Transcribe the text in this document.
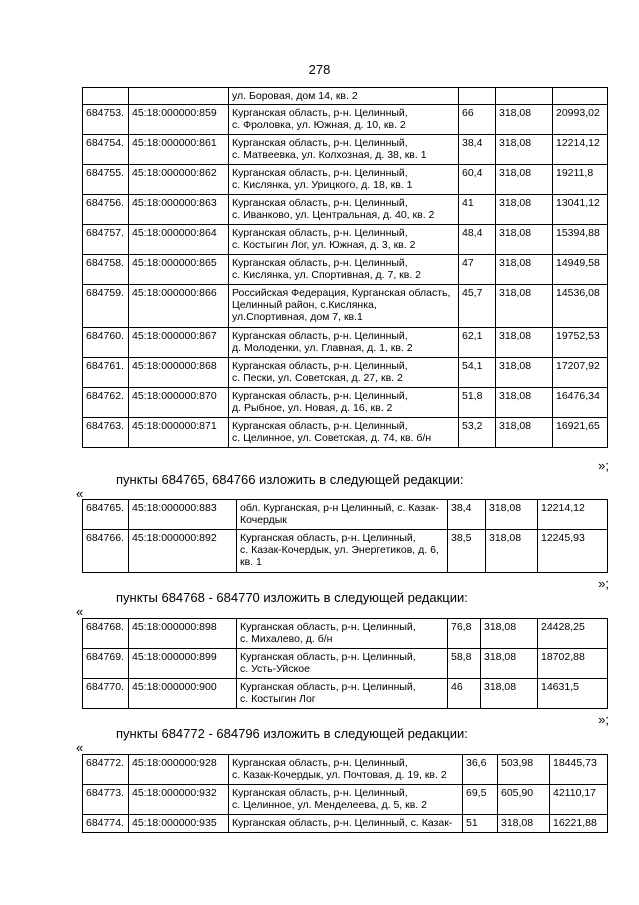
278
		ул. Боровая, дом 14, кв. 2			
684753.	45:18:000000:859	Курганская область, р-н. Целинный,
с. Фроловка, ул. Южная, д. 10, кв. 2	66	318,08	20993,02
684754.	45:18:000000:861	Курганская область, р-н. Целинный,
с. Матвеевка, ул. Колхозная, д. 38, кв. 1	38,4	318,08	12214,12
684755.	45:18:000000:862	Курганская область, р-н. Целинный,
с. Кислянка, ул. Урицкого, д. 18, кв. 1	60,4	318,08	19211,8
684756.	45:18:000000:863	Курганская область, р-н. Целинный,
с. Иванково, ул. Центральная, д. 40, кв. 2	41	318,08	13041,12
684757.	45:18:000000:864	Курганская область, р-н. Целинный,
с. Костыгин Лог, ул. Южная, д. 3, кв. 2	48,4	318,08	15394,88
684758.	45:18:000000:865	Курганская область, р-н. Целинный,
с. Кислянка, ул. Спортивная, д. 7, кв. 2	47	318,08	14949,58
684759.	45:18:000000:866	Российская Федерация, Курганская область,
Целинный район, с.Кислянка,
ул.Спортивная, дом 7, кв.1	45,7	318,08	14536,08
684760.	45:18:000000:867	Курганская область, р-н. Целинный,
д. Молоденки, ул. Главная, д. 1, кв. 2	62,1	318,08	19752,53
684761.	45:18:000000:868	Курганская область, р-н. Целинный,
с. Пески, ул. Советская, д. 27, кв. 2	54,1	318,08	17207,92
684762.	45:18:000000:870	Курганская область, р-н. Целинный,
д. Рыбное, ул. Новая, д. 16, кв. 2	51,8	318,08	16476,34
684763.	45:18:000000:871	Курганская область, р-н. Целинный,
с. Целинное, ул. Советская, д. 74, кв. б/н	53,2	318,08	16921,65
»;
пункты 684765, 684766 изложить в следующей редакции:
«
684765.	45:18:000000:883	обл. Курганская, р-н Целинный, с. Казак-
Кочердык	38,4	318,08	12214,12
684766.	45:18:000000:892	Курганская область, р-н. Целинный,
с. Казак-Кочердык, ул. Энергетиков, д. 6,
кв. 1	38,5	318,08	12245,93
»;
пункты 684768 - 684770 изложить в следующей редакции:
«
684768.	45:18:000000:898	Курганская область, р-н. Целинный,
с. Михалево, д. б/н	76,8	318,08	24428,25
684769.	45:18:000000:899	Курганская область, р-н. Целинный,
с. Усть-Уйское	58,8	318,08	18702,88
684770.	45:18:000000:900	Курганская область, р-н. Целинный,
с. Костыгин Лог	46	318,08	14631,5
»;
пункты 684772 - 684796 изложить в следующей редакции:
«
684772.	45:18:000000:928	Курганская область, р-н. Целинный,
с. Казак-Кочердык, ул. Почтовая, д. 19, кв. 2	36,6	503,98	18445,73
684773.	45:18:000000:932	Курганская область, р-н. Целинный,
с. Целинное, ул. Менделеева, д. 5, кв. 2	69,5	605,90	42110,17
684774.	45:18:000000:935	Курганская область, р-н. Целинный, с. Казак-	51	318,08	16221,88
